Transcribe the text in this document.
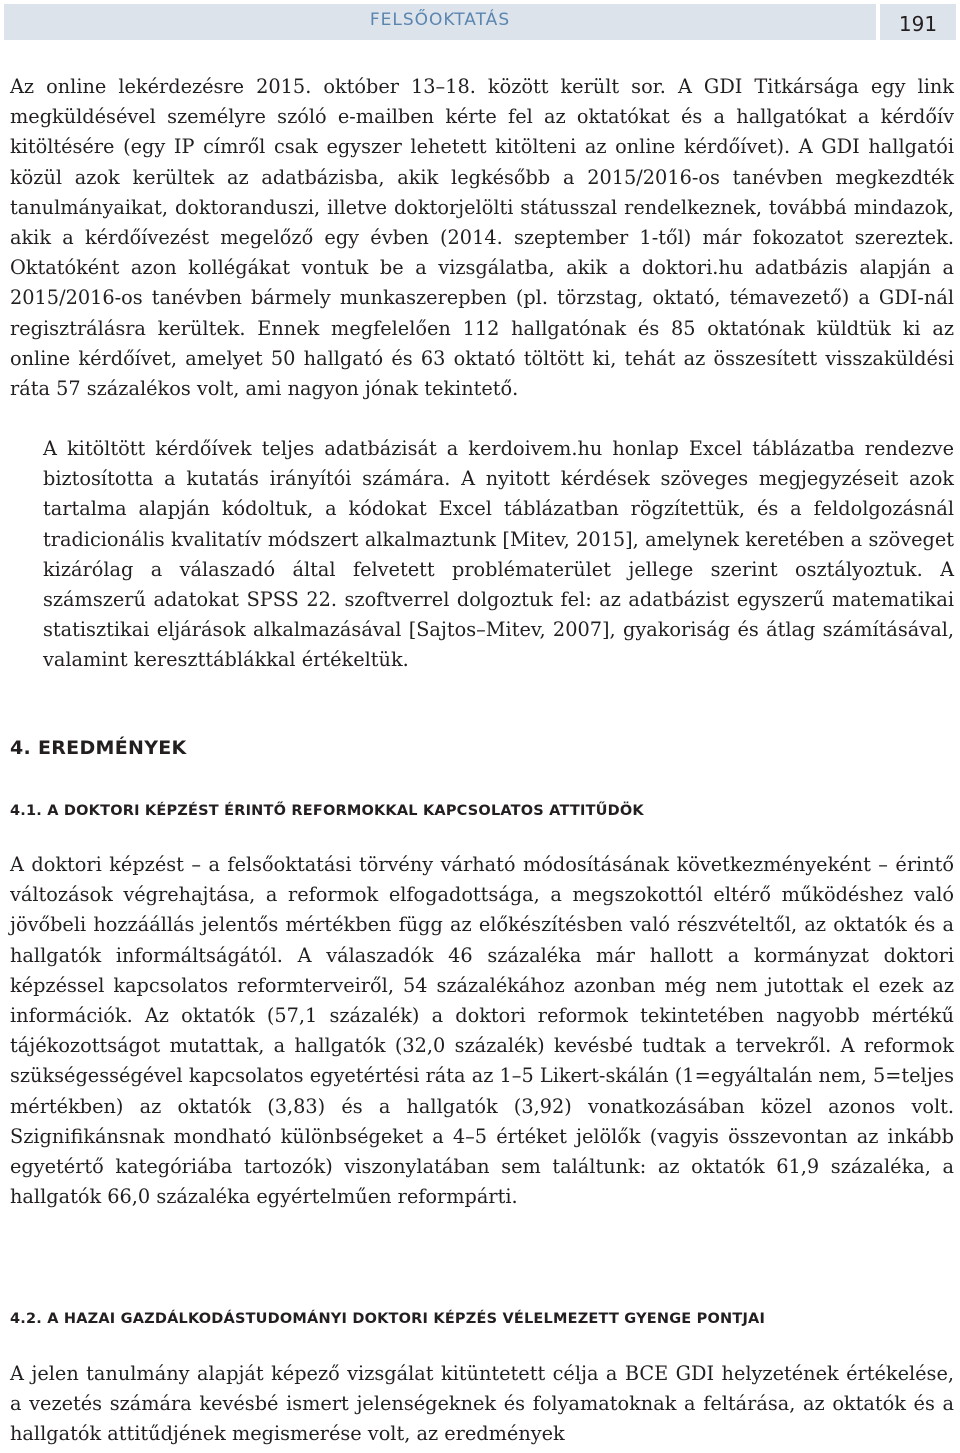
FELSŐOKTATÁS	191

Az online lekérdezésre 2015. október 13–18. között került sor. A GDI Titkársága egy link megküldésével személyre szóló e-mailben kérte fel az oktatókat és a hallgatókat a kérdőív kitöltésére (egy IP címről csak egyszer lehetett kitölteni az online kérdőívet). A GDI hallgatói közül azok kerültek az adatbázisba, akik legkésőbb a 2015/2016-os tanévben megkezdték tanulmányaikat, doktoranduszi, illetve doktorjelölti státusszal rendelkeznek, továbbá mindazok, akik a kérdőívezést megelőző egy évben (2014. szeptember 1-től) már fokozatot szereztek. Oktatóként azon kollégákat vontuk be a vizsgálatba, akik a doktori.hu adatbázis alapján a 2015/2016-os tanévben bármely munkaszerepben (pl. törzstag, oktató, témavezető) a GDI-nál regisztrálásra kerültek. Ennek megfelelően 112 hallgatónak és 85 oktatónak küldtük ki az online kérdőívet, amelyet 50 hallgató és 63 oktató töltött ki, tehát az összesített visszaküldési ráta 57 százalékos volt, ami nagyon jónak tekintető.

A kitöltött kérdőívek teljes adatbázisát a kerdoivem.hu honlap Excel táblázatba rendezve biztosította a kutatás irányítói számára. A nyitott kérdések szöveges megjegyzéseit azok tartalma alapján kódoltuk, a kódokat Excel táblázatban rögzítettük, és a feldolgozásnál tradicionális kvalitatív módszert alkalmaztunk [Mitev, 2015], amelynek keretében a szöveget kizárólag a válaszadó által felvetett problématerület jellege szerint osztályoztuk. A számszerű adatokat SPSS 22. szoftverrel dolgoztuk fel: az adatbázist egyszerű matematikai statisztikai eljárások alkalmazásával [Sajtos–Mitev, 2007], gyakoriság és átlag számításával, valamint kereszttáblákkal értékeltük.

4. EREDMÉNYEK
4.1. A DOKTORI KÉPZÉST ÉRINTŐ REFORMOKKAL KAPCSOLATOS ATTITŰDÖK

A doktori képzést – a felsőoktatási törvény várható módosításának következményeként – érintő változások végrehajtása, a reformok elfogadottsága, a megszokottól eltérő működéshez való jövőbeli hozzáállás jelentős mértékben függ az előkészítésben való részvételtől, az oktatók és a hallgatók informáltságától. A válaszadók 46 százaléka már hallott a kormányzat doktori képzéssel kapcsolatos reformterveiről, 54 százalékához azonban még nem jutottak el ezek az információk. Az oktatók (57,1 százalék) a doktori reformok tekintetében nagyobb mértékű tájékozottságot mutattak, a hallgatók (32,0 százalék) kevésbé tudtak a tervekről. A reformok szükségességével kapcsolatos egyetértési ráta az 1–5 Likert-skálán (1=egyáltalán nem, 5=teljes mértékben) az oktatók (3,83) és a hallgatók (3,92) vonatkozásában közel azonos volt. Szignifikánsnak mondható különbségeket a 4–5 értéket jelölők (vagyis összevontan az inkább egyetértő kategóriába tartozók) viszonylatában sem találtunk: az oktatók 61,9 százaléka, a hallgatók 66,0 százaléka egyértelműen reformpárti.

4.2. A HAZAI GAZDÁLKODÁSTUDOMÁNYI DOKTORI KÉPZÉS VÉLELMEZETT GYENGE PONTJAI

A jelen tanulmány alapját képező vizsgálat kitüntetett célja a BCE GDI helyzetének értékelése, a vezetés számára kevésbé ismert jelenségeknek és folyamatoknak a feltárása, az oktatók és a hallgatók attitűdjének megismerése volt, az eredmények
